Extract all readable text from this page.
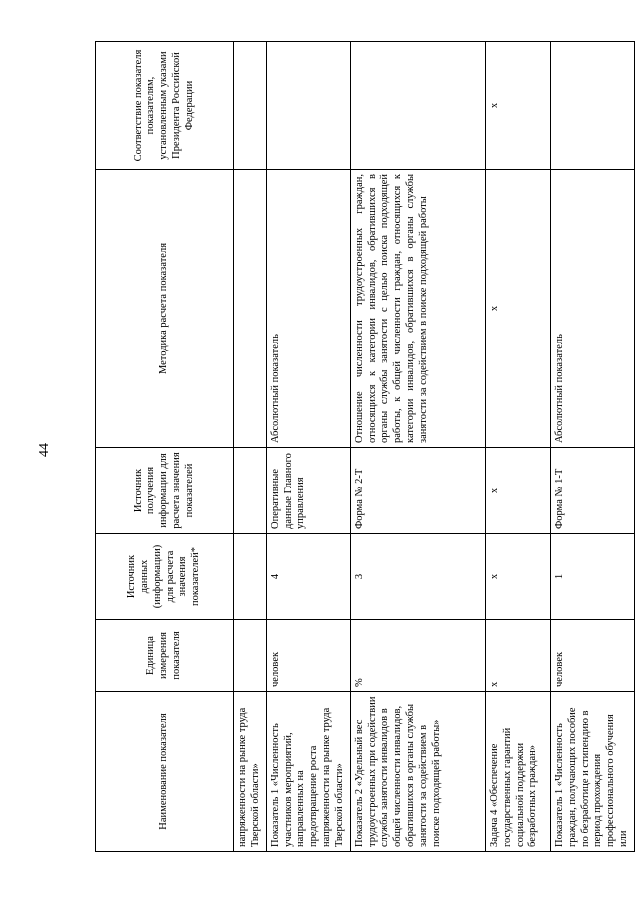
44
Наименование показателя	Единица измерения показателя	Источник данных (информации) для расчета значения показателей*	Источник получения информации для расчета значения показателей	Методика расчета показателя	Соответствие показателя показателям, установленным указами Президента Российской Федерации
напряженности на рынке труда Тверской области»					
Показатель 1 «Численность участников мероприятий, направленных на предотвращение роста напряженности на рынке труда Тверской области»	человек	4	Оперативные данные Главного управления	Абсолютный показатель	
Показатель 2 «Удельный вес трудоустроенных при содействии службы занятости инвалидов в общей численности инвалидов, обратившихся в органы службы занятости за содействием в поиске подходящей работы»	%	3	Форма № 2-Т	Отношение численности трудоустроенных граждан, относящихся к категории инвалидов, обратившихся в органы службы занятости с целью поиска подходящей работы, к общей численности граждан, относящихся к категории инвалидов, обратившихся в органы службы занятости за содействием в поиске подходящей работы	
Задача 4 «Обеспечение государственных гарантий социальной поддержки безработных граждан»	х	х	х	х	х
Показатель 1 «Численность граждан, получающих пособие по безработице и стипендию в период прохождения профессионального обучения или	человек	1	Форма № 1-Т	Абсолютный показатель	
